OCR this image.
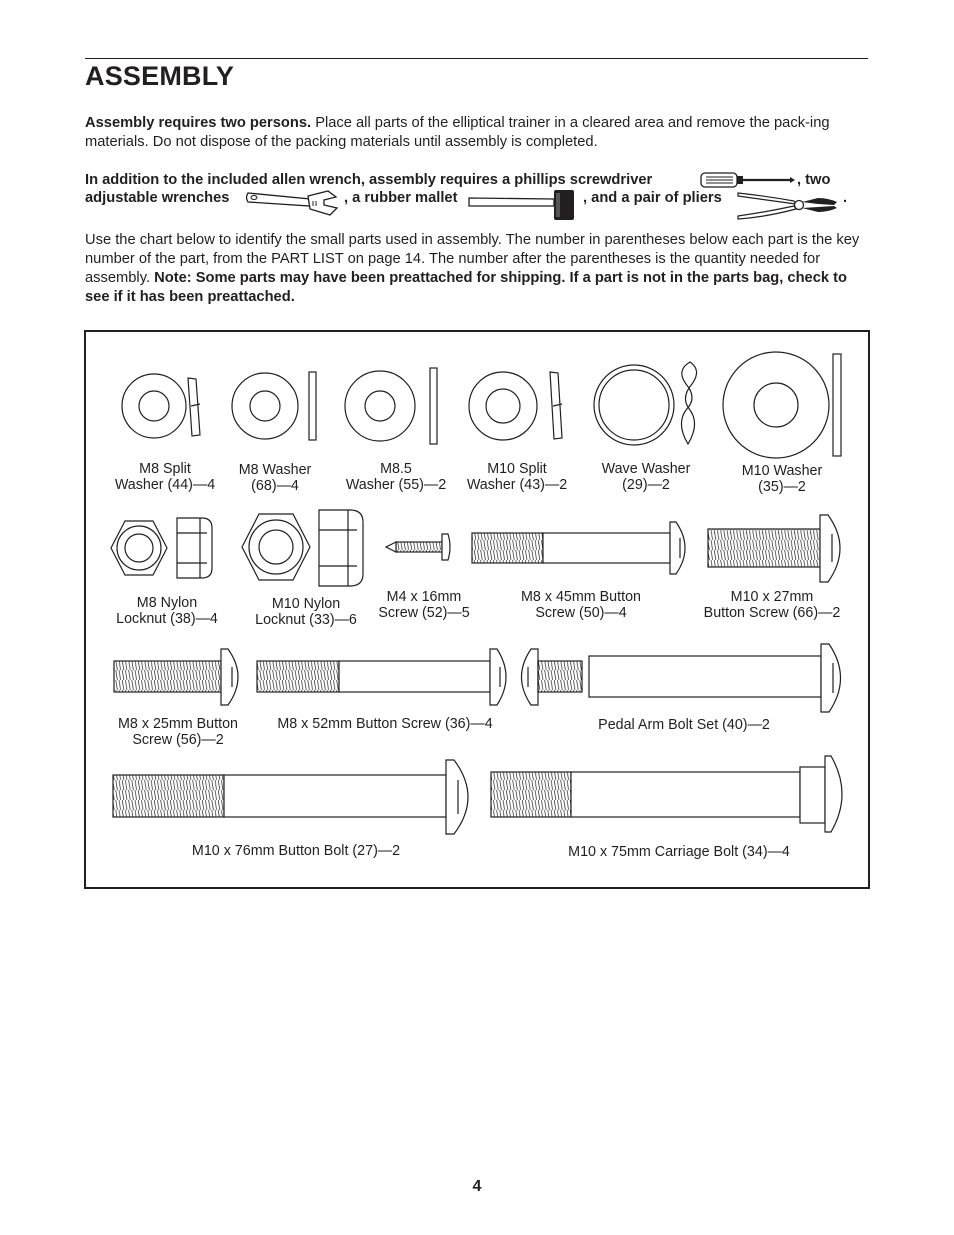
ASSEMBLY
Assembly requires two persons. Place all parts of the elliptical trainer in a cleared area and remove the pack-ing materials. Do not dispose of the packing materials until assembly is completed.
In addition to the included allen wrench, assembly requires a phillips screwdriver	, two
adjustable wrenches	, a rubber mallet	, and a pair of pliers	.
Use the chart below to identify the small parts used in assembly. The number in parentheses below each part is the key number of the part, from the PART LIST on page 14. The number after the parentheses is the quantity needed for assembly. Note: Some parts may have been preattached for shipping. If a part is not in the parts bag, check to see if it has been preattached.
M8 Split
Washer (44)—4
M8 Washer
(68)—4
M8.5
Washer (55)—2
M10 Split
Washer (43)—2
Wave Washer
(29)—2
M10 Washer
(35)—2
M8 Nylon
Locknut (38)—4
M10 Nylon
Locknut (33)—6
M4 x 16mm
Screw (52)—5
M8 x 45mm Button
Screw (50)—4
M10 x 27mm
Button Screw (66)—2
M8 x 25mm Button
Screw (56)—2
M8 x 52mm Button Screw (36)—4	Pedal Arm Bolt Set (40)—2
M10 x 76mm Button Bolt (27)—2	M10 x 75mm Carriage Bolt (34)—4
4
